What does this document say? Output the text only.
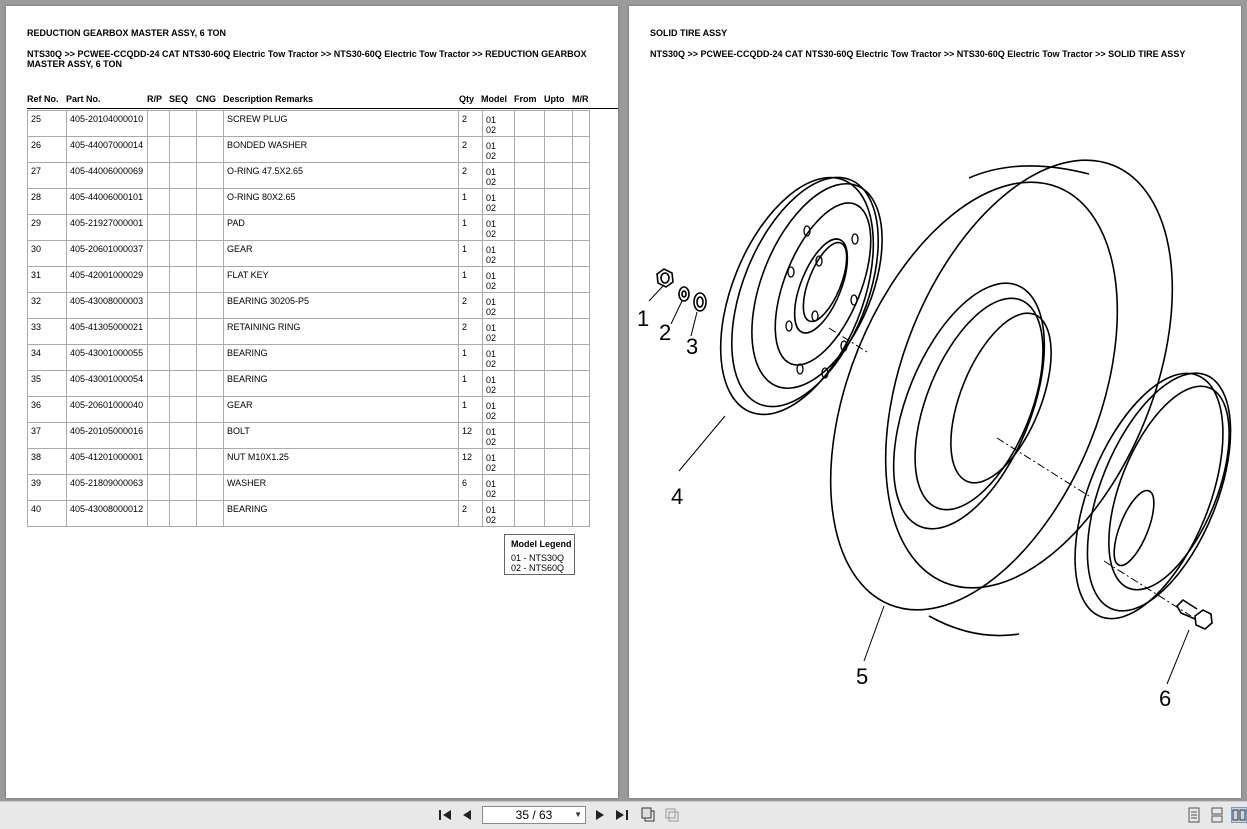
REDUCTION GEARBOX MASTER ASSY, 6 TON
NTS30Q >> PCWEE-CCQDD-24 CAT NTS30-60Q Electric Tow Tractor >> NTS30-60Q Electric Tow Tractor >> REDUCTION GEARBOX MASTER ASSY, 6 TON
Ref No. Part No.	R/P SEQ CNG Description Remarks	Qty Model From Upto M/R
25	405-20104000010				SCREW PLUG	2	01
02			

26	405-44007000014				BONDED WASHER	2	01
02			

27	405-44006000069				O-RING 47.5X2.65	2	01
02			

28	405-44006000101				O-RING 80X2.65	1	01
02			

29	405-21927000001				PAD	1	01
02			

30	405-20601000037				GEAR	1	01
02			

31	405-42001000029				FLAT KEY	1	01
02			

32	405-43008000003				BEARING 30205-P5	2	01
02			

33	405-41305000021				RETAINING RING	2	01
02			

34	405-43001000055				BEARING	1	01
02			

35	405-43001000054				BEARING	1	01
02			

36	405-20601000040				GEAR	1	01
02			

37	405-20105000016				BOLT	12	01
02			

38	405-41201000001				NUT M10X1.25	12	01
02			

39	405-21809000063				WASHER	6	01
02			

40	405-43008000012				BEARING	2	01
02			

Model Legend
01 - NTS30Q
02 - NTS60Q
SOLID TIRE ASSY
NTS30Q >> PCWEE-CCQDD-24 CAT NTS30-60Q Electric Tow Tractor >> NTS30-60Q Electric Tow Tractor >> SOLID TIRE ASSY
1
2
3
4
5
6
35 / 63	▼
